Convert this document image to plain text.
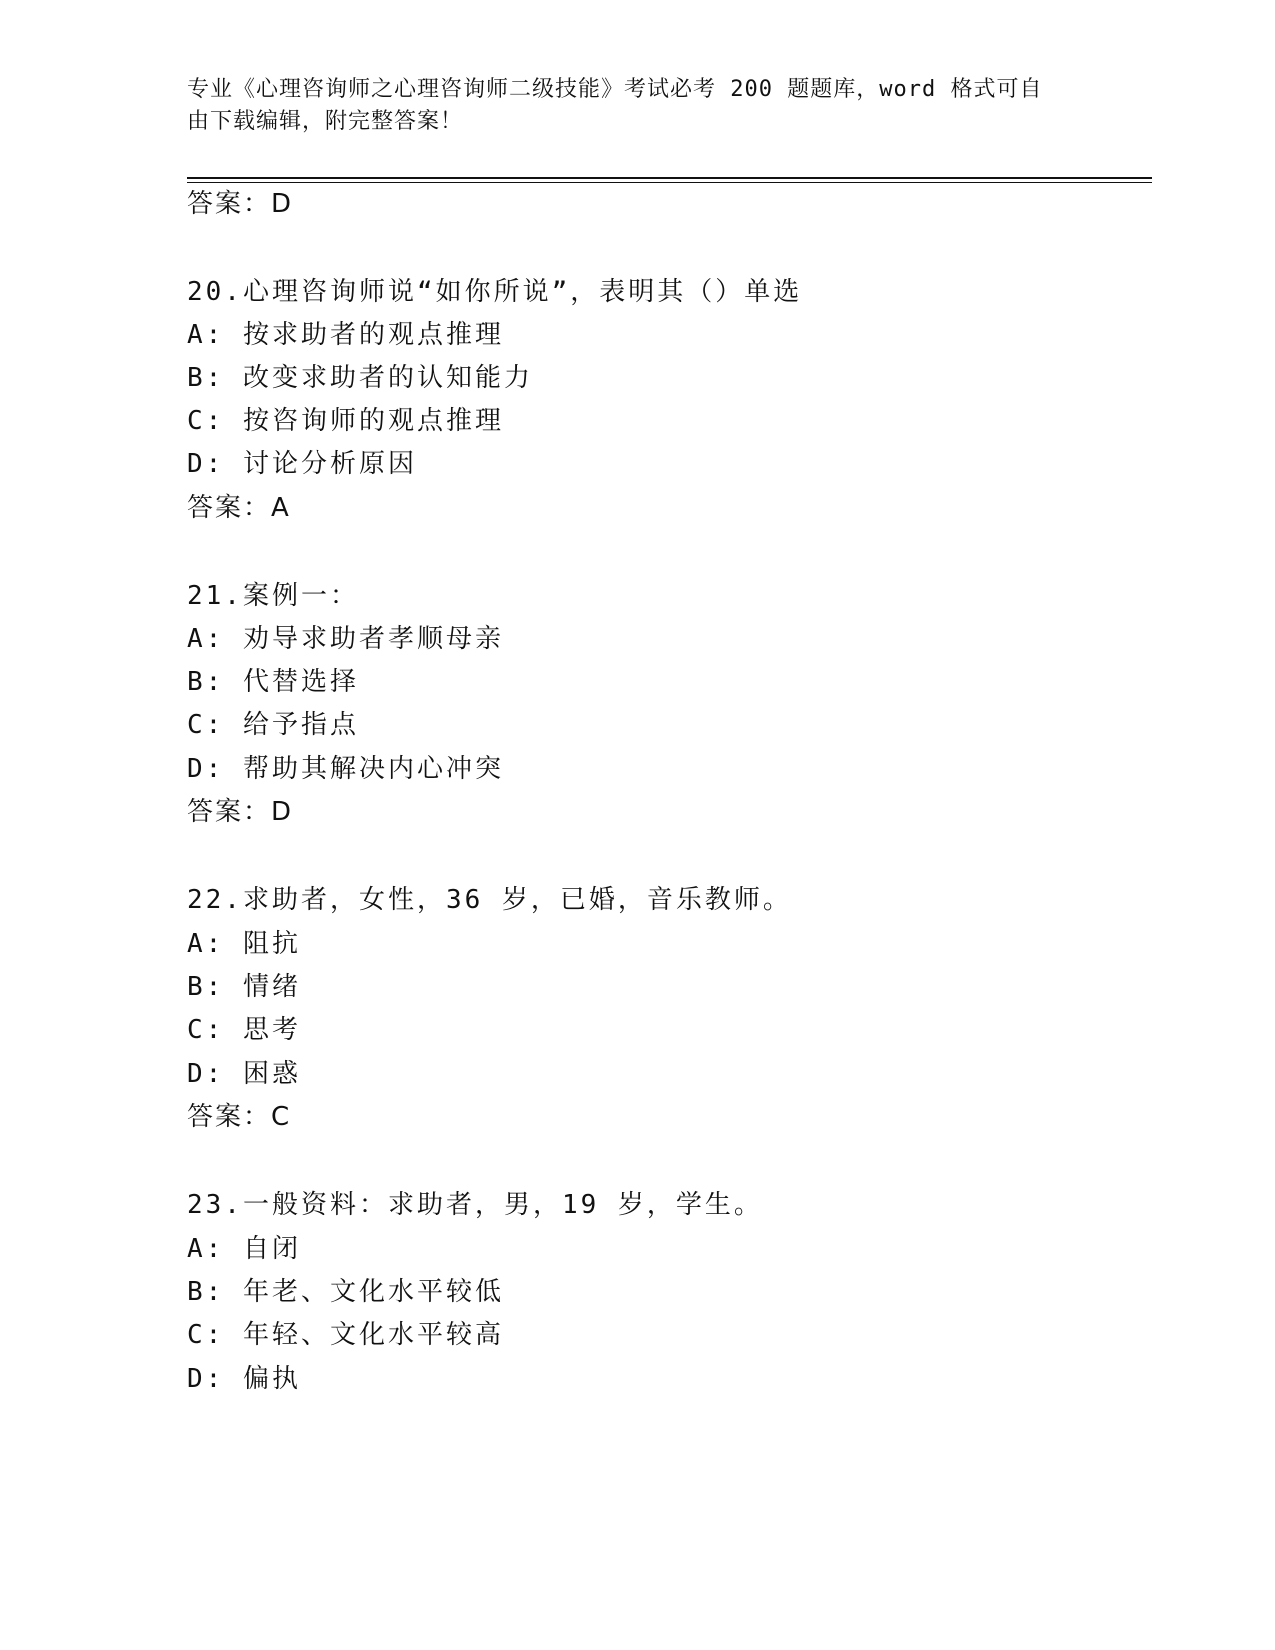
专业《心理咨询师之心理咨询师二级技能》考试必考 200 题题库，word 格式可自
由下载编辑，附完整答案！
答案：D
20.心理咨询师说“如你所说”，表明其（）单选
A: 按求助者的观点推理
B: 改变求助者的认知能力
C: 按咨询师的观点推理
D: 讨论分析原因
答案：A
21.案例一：
A: 劝导求助者孝顺母亲
B: 代替选择
C: 给予指点
D: 帮助其解决内心冲突
答案：D
22.求助者，女性，36 岁，已婚，音乐教师。
A: 阻抗
B: 情绪
C: 思考
D: 困惑
答案：C
23.一般资料：求助者，男，19 岁，学生。
A: 自闭
B: 年老、文化水平较低
C: 年轻、文化水平较高
D: 偏执
